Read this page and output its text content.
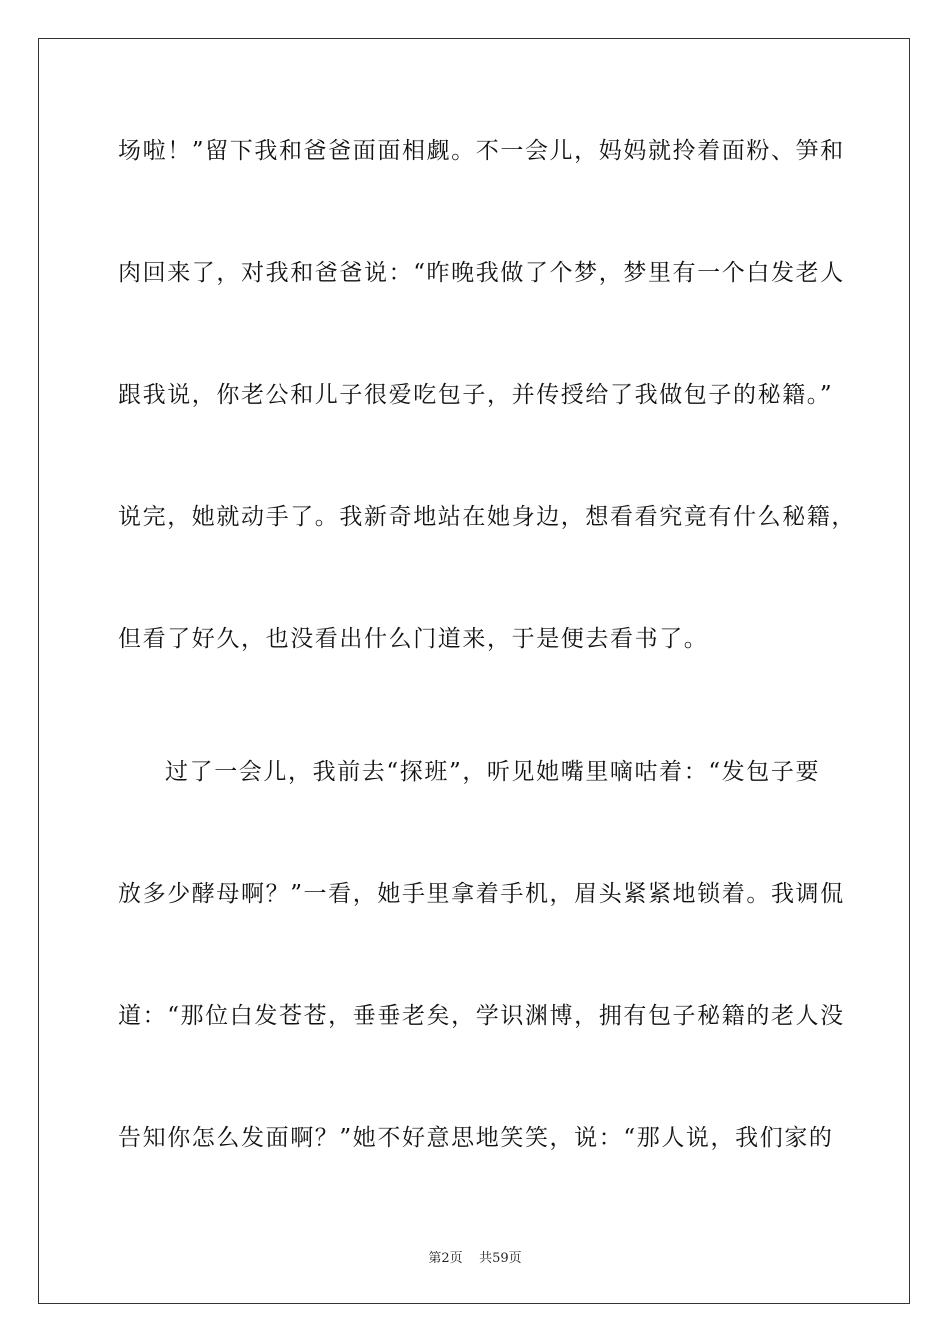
场啦！”留下我和爸爸面面相觑。不一会儿，妈妈就拎着面粉、笋和
肉回来了，对我和爸爸说：“昨晚我做了个梦，梦里有一个白发老人
跟我说，你老公和儿子很爱吃包子，并传授给了我做包子的秘籍。”
说完，她就动手了。我新奇地站在她身边，想看看究竟有什么秘籍，
但看了好久，也没看出什么门道来，于是便去看书了。
过了一会儿，我前去“探班”，听见她嘴里嘀咕着：“发包子要
放多少酵母啊？”一看，她手里拿着手机，眉头紧紧地锁着。我调侃
道：“那位白发苍苍，垂垂老矣，学识渊博，拥有包子秘籍的老人没
告知你怎么发面啊？”她不好意思地笑笑，说：“那人说，我们家的
第2页 共59页
